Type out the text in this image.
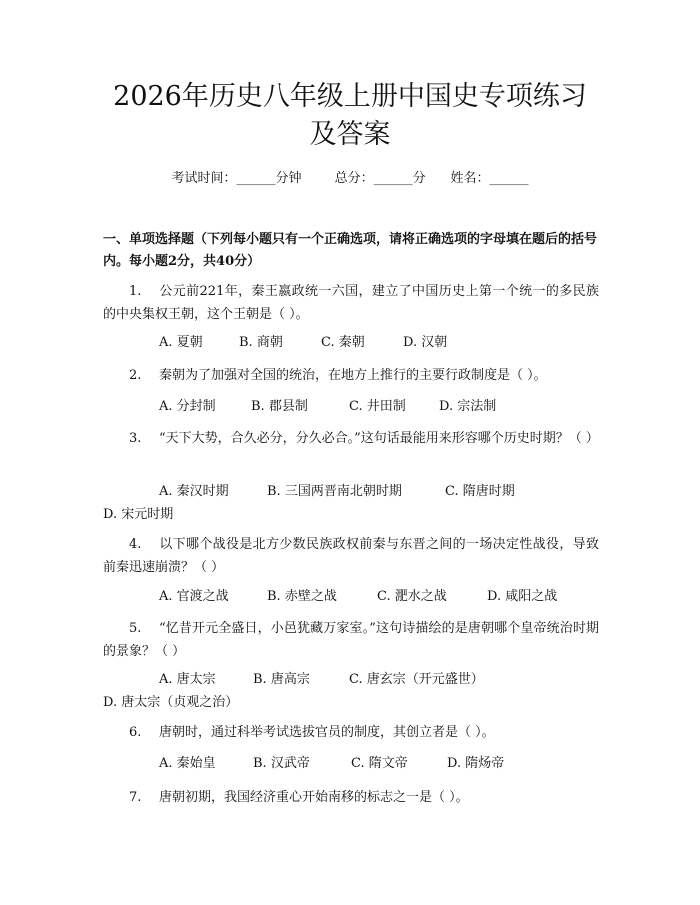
2026年历史八年级上册中国史专项练习及答案
考试时间：______分钟	总分：______分 姓名：______

一、单项选择题（下列每小题只有一个正确选项，请将正确选项的字母填在题后的括号内。每小题2分，共40分）

1. 公元前221年，秦王嬴政统一六国，建立了中国历史上第一个统一的多民族的中央集权王朝，这个王朝是（ ）。

A. 夏朝	B. 商朝	C. 秦朝	D. 汉朝

2. 秦朝为了加强对全国的统治，在地方上推行的主要行政制度是（ ）。

A. 分封制	B. 郡县制	C. 井田制	D. 宗法制

3. “天下大势，合久必分，分久必合。”这句话最能用来形容哪个历史时期？（ ）

A. 秦汉时期	B. 三国两晋南北朝时期	C. 隋唐时期D. 宋元时期

4. 以下哪个战役是北方少数民族政权前秦与东晋之间的一场决定性战役，导致前秦迅速崩溃？（ ）

A. 官渡之战	B. 赤壁之战	C. 淝水之战	D. 咸阳之战

5. “忆昔开元全盛日，小邑犹藏万家室。”这句诗描绘的是唐朝哪个皇帝统治时期的景象？（ ）

A. 唐太宗	B. 唐高宗	C. 唐玄宗（开元盛世）D. 唐太宗（贞观之治）

6. 唐朝时，通过科举考试选拔官员的制度，其创立者是（ ）。

A. 秦始皇	B. 汉武帝	C. 隋文帝	D. 隋炀帝

7. 唐朝初期，我国经济重心开始南移的标志之一是（ ）。
